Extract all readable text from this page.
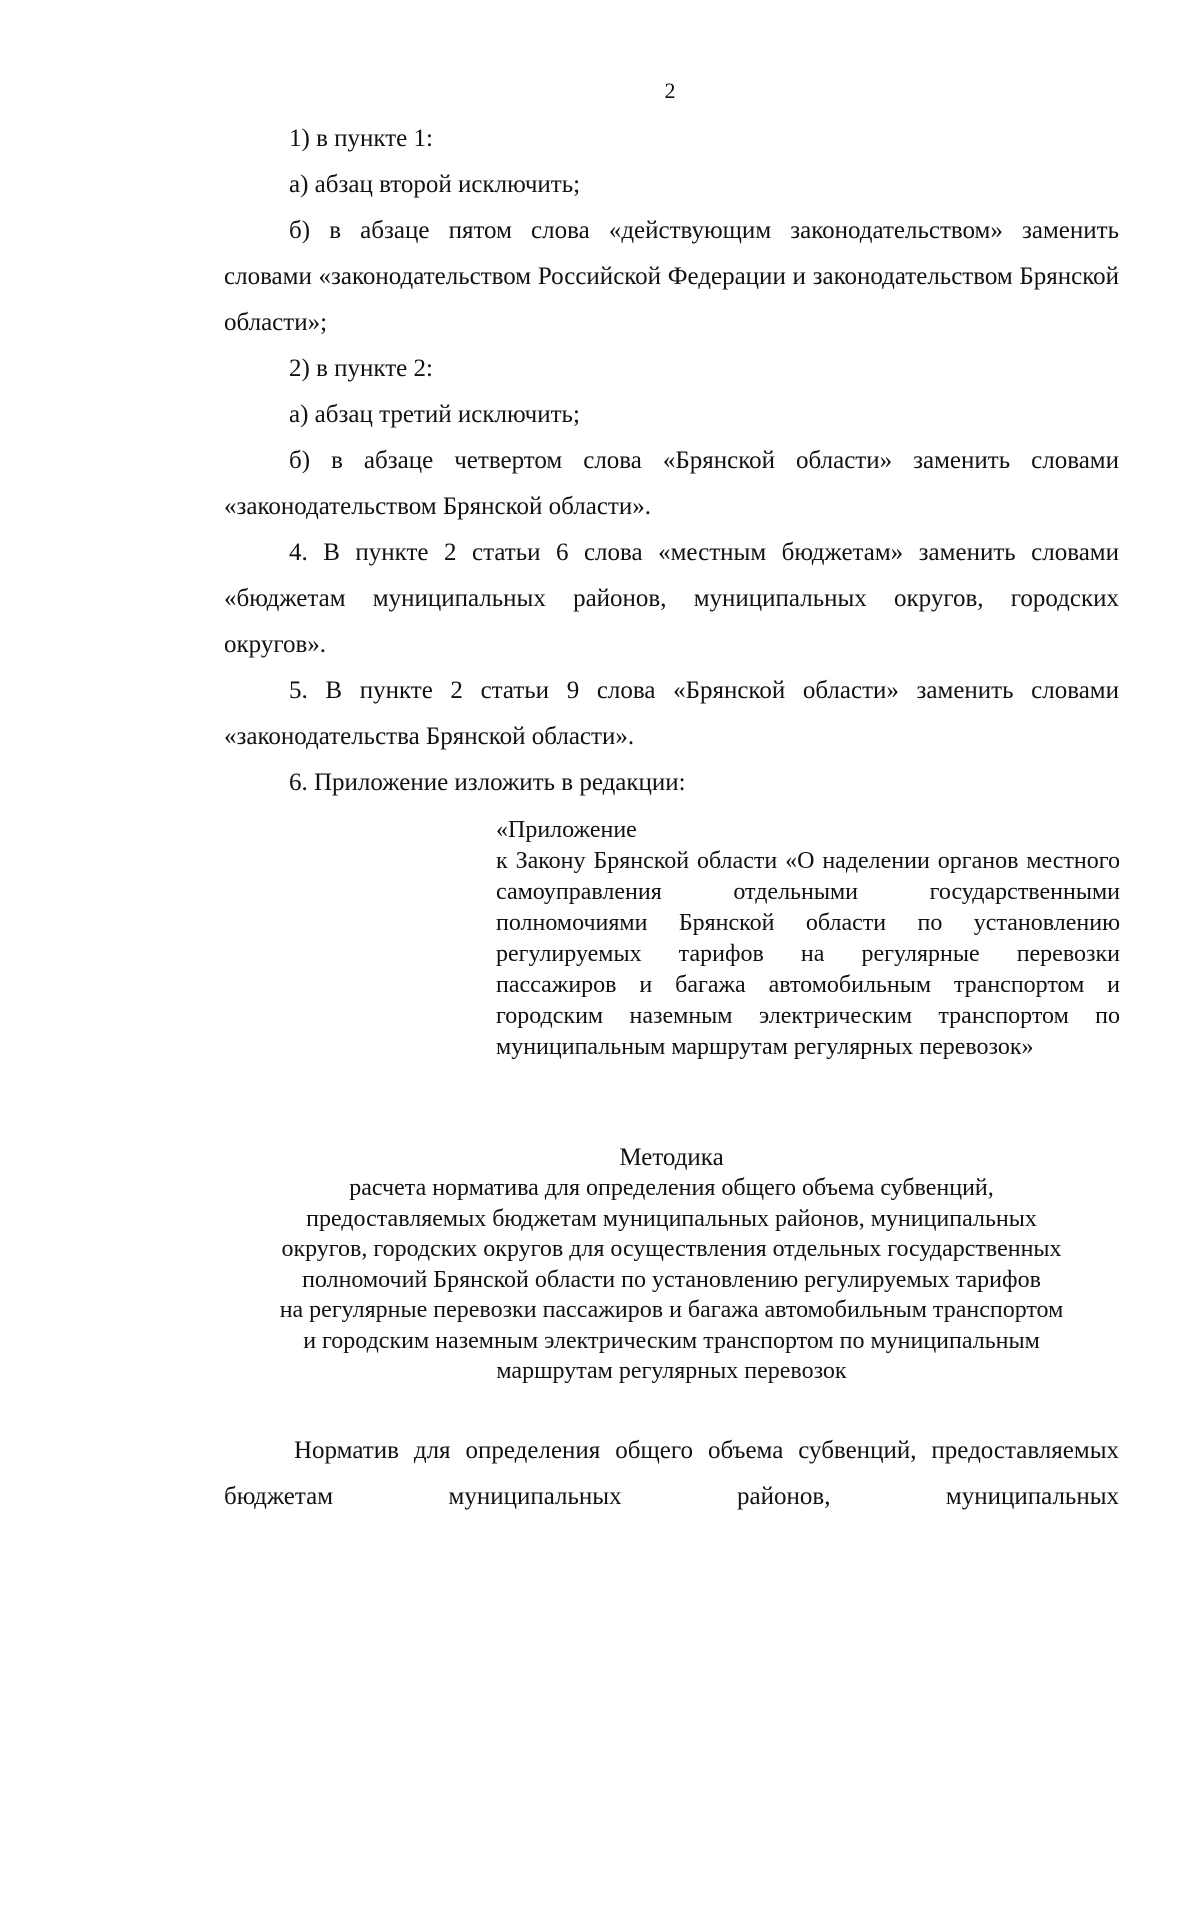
2
1) в пункте 1:
а) абзац второй исключить;
б) в абзаце пятом слова «действующим законодательством» заменить словами «законодательством Российской Федерации и законодательством Брянской области»;
2) в пункте 2:
а) абзац третий исключить;
б) в абзаце четвертом слова «Брянской области» заменить словами «законодательством Брянской области».
4. В пункте 2 статьи 6 слова «местным бюджетам» заменить словами «бюджетам муниципальных районов, муниципальных округов, городских округов».
5. В пункте 2 статьи 9 слова «Брянской области» заменить словами «законодательства Брянской области».
6. Приложение изложить в редакции:
«Приложение
к Закону Брянской области «О наделении органов местного самоуправления отдельными государственными полномочиями Брянской области по установлению регулируемых тарифов на регулярные перевозки пассажиров и багажа автомобильным транспортом и городским наземным электрическим транспортом по муниципальным маршрутам регулярных перевозок»
Методика
расчета норматива для определения общего объема субвенций,
предоставляемых бюджетам муниципальных районов, муниципальных
округов, городских округов для осуществления отдельных государственных
полномочий Брянской области по установлению регулируемых тарифов
на регулярные перевозки пассажиров и багажа автомобильным транспортом
и городским наземным электрическим транспортом по муниципальным
маршрутам регулярных перевозок
Норматив для определения общего объема субвенций, предоставляемых бюджетам муниципальных районов, муниципальных
